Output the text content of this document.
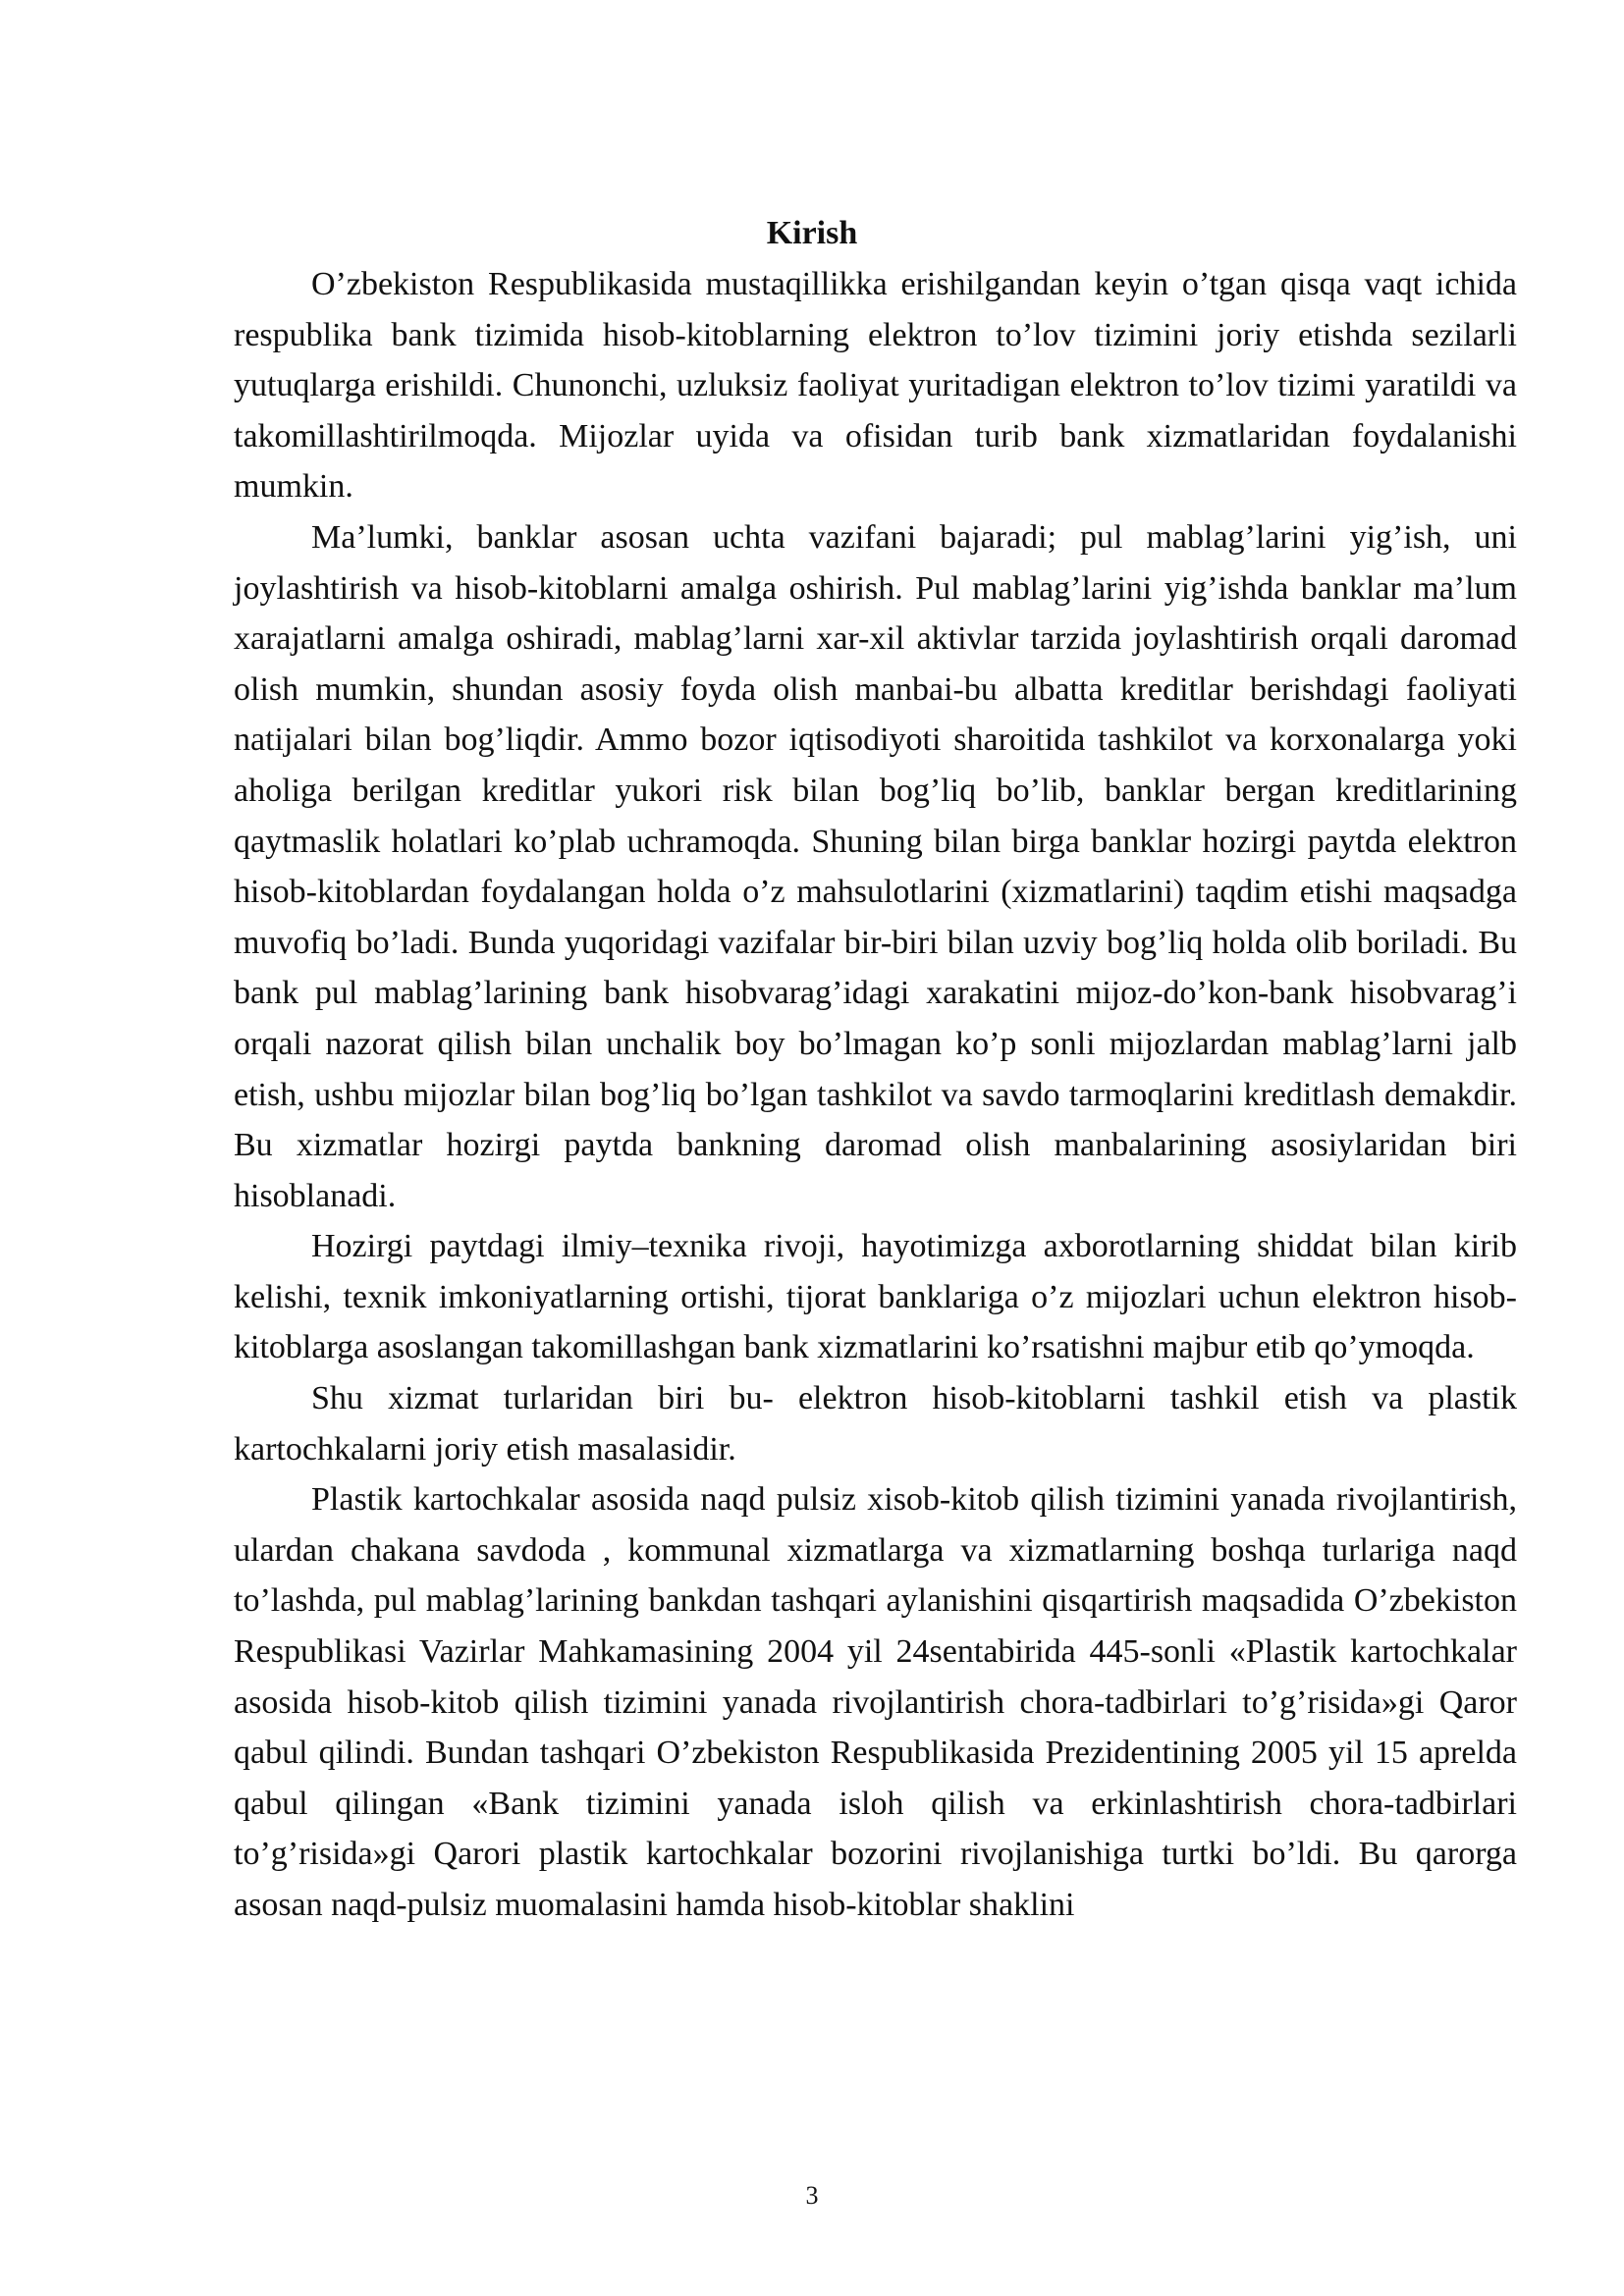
Kirish

O’zbekiston Respublikasida mustaqillikka erishilgandan keyin o’tgan qisqa vaqt ichida respublika bank tizimida hisob-kitoblarning elektron to’lov tizimini joriy etishda sezilarli yutuqlarga erishildi. Chunonchi, uzluksiz faoliyat yuritadigan elektron to’lov tizimi yaratildi va takomillashtirilmoqda. Mijozlar uyida va ofisidan turib bank xizmatlaridan foydalanishi mumkin.

Ma’lumki, banklar asosan uchta vazifani bajaradi; pul mablag’larini yig’ish, uni joylashtirish va hisob-kitoblarni amalga oshirish. Pul mablag’larini yig’ishda banklar ma’lum xarajatlarni amalga oshiradi, mablag’larni xar-xil aktivlar tarzida joylashtirish orqali daromad olish mumkin, shundan asosiy foyda olish manbai-bu albatta kreditlar berishdagi faoliyati natijalari bilan bog’liqdir. Ammo bozor iqtisodiyoti sharoitida tashkilot va korxonalarga yoki aholiga berilgan kreditlar yukori risk bilan bog’liq bo’lib, banklar bergan kreditlarining qaytmaslik holatlari ko’plab uchramoqda. Shuning bilan birga banklar hozirgi paytda elektron hisob-kitoblardan foydalangan holda o’z mahsulotlarini (xizmatlarini) taqdim etishi maqsadga muvofiq bo’ladi. Bunda yuqoridagi vazifalar bir-biri bilan uzviy bog’liq holda olib boriladi. Bu bank pul mablag’larining bank hisobvarag’idagi xarakatini mijoz-do’kon-bank hisobvarag’i orqali nazorat qilish bilan unchalik boy bo’lmagan ko’p sonli mijozlardan mablag’larni jalb etish, ushbu mijozlar bilan bog’liq bo’lgan tashkilot va savdo tarmoqlarini kreditlash demakdir. Bu xizmatlar hozirgi paytda bankning daromad olish manbalarining asosiylaridan biri hisoblanadi.

Hozirgi paytdagi ilmiy–texnika rivoji, hayotimizga axborotlarning shiddat bilan kirib kelishi, texnik imkoniyatlarning ortishi, tijorat banklariga o’z mijozlari uchun elektron hisob-kitoblarga asoslangan takomillashgan bank xizmatlarini ko’rsatishni majbur etib qo’ymoqda.

Shu xizmat turlaridan biri bu- elektron hisob-kitoblarni tashkil etish va plastik kartochkalarni joriy etish masalasidir.

Plastik kartochkalar asosida naqd pulsiz xisob-kitob qilish tizimini yanada rivojlantirish, ulardan chakana savdoda , kommunal xizmatlarga va xizmatlarning boshqa turlariga naqd to’lashda, pul mablag’larining bankdan tashqari aylanishini qisqartirish maqsadida O’zbekiston Respublikasi Vazirlar Mahkamasining 2004 yil 24sentabirida 445-sonli «Plastik kartochkalar asosida hisob-kitob qilish tizimini yanada rivojlantirish chora-tadbirlari to’g’risida»gi Qaror qabul qilindi. Bundan tashqari O’zbekiston Respublikasida Prezidentining 2005 yil 15 aprelda qabul qilingan «Bank tizimini yanada isloh qilish va erkinlashtirish chora-tadbirlari to’g’risida»gi Qarori plastik kartochkalar bozorini rivojlanishiga turtki bo’ldi. Bu qarorga asosan naqd-pulsiz muomalasini hamda hisob-kitoblar shaklini

3
